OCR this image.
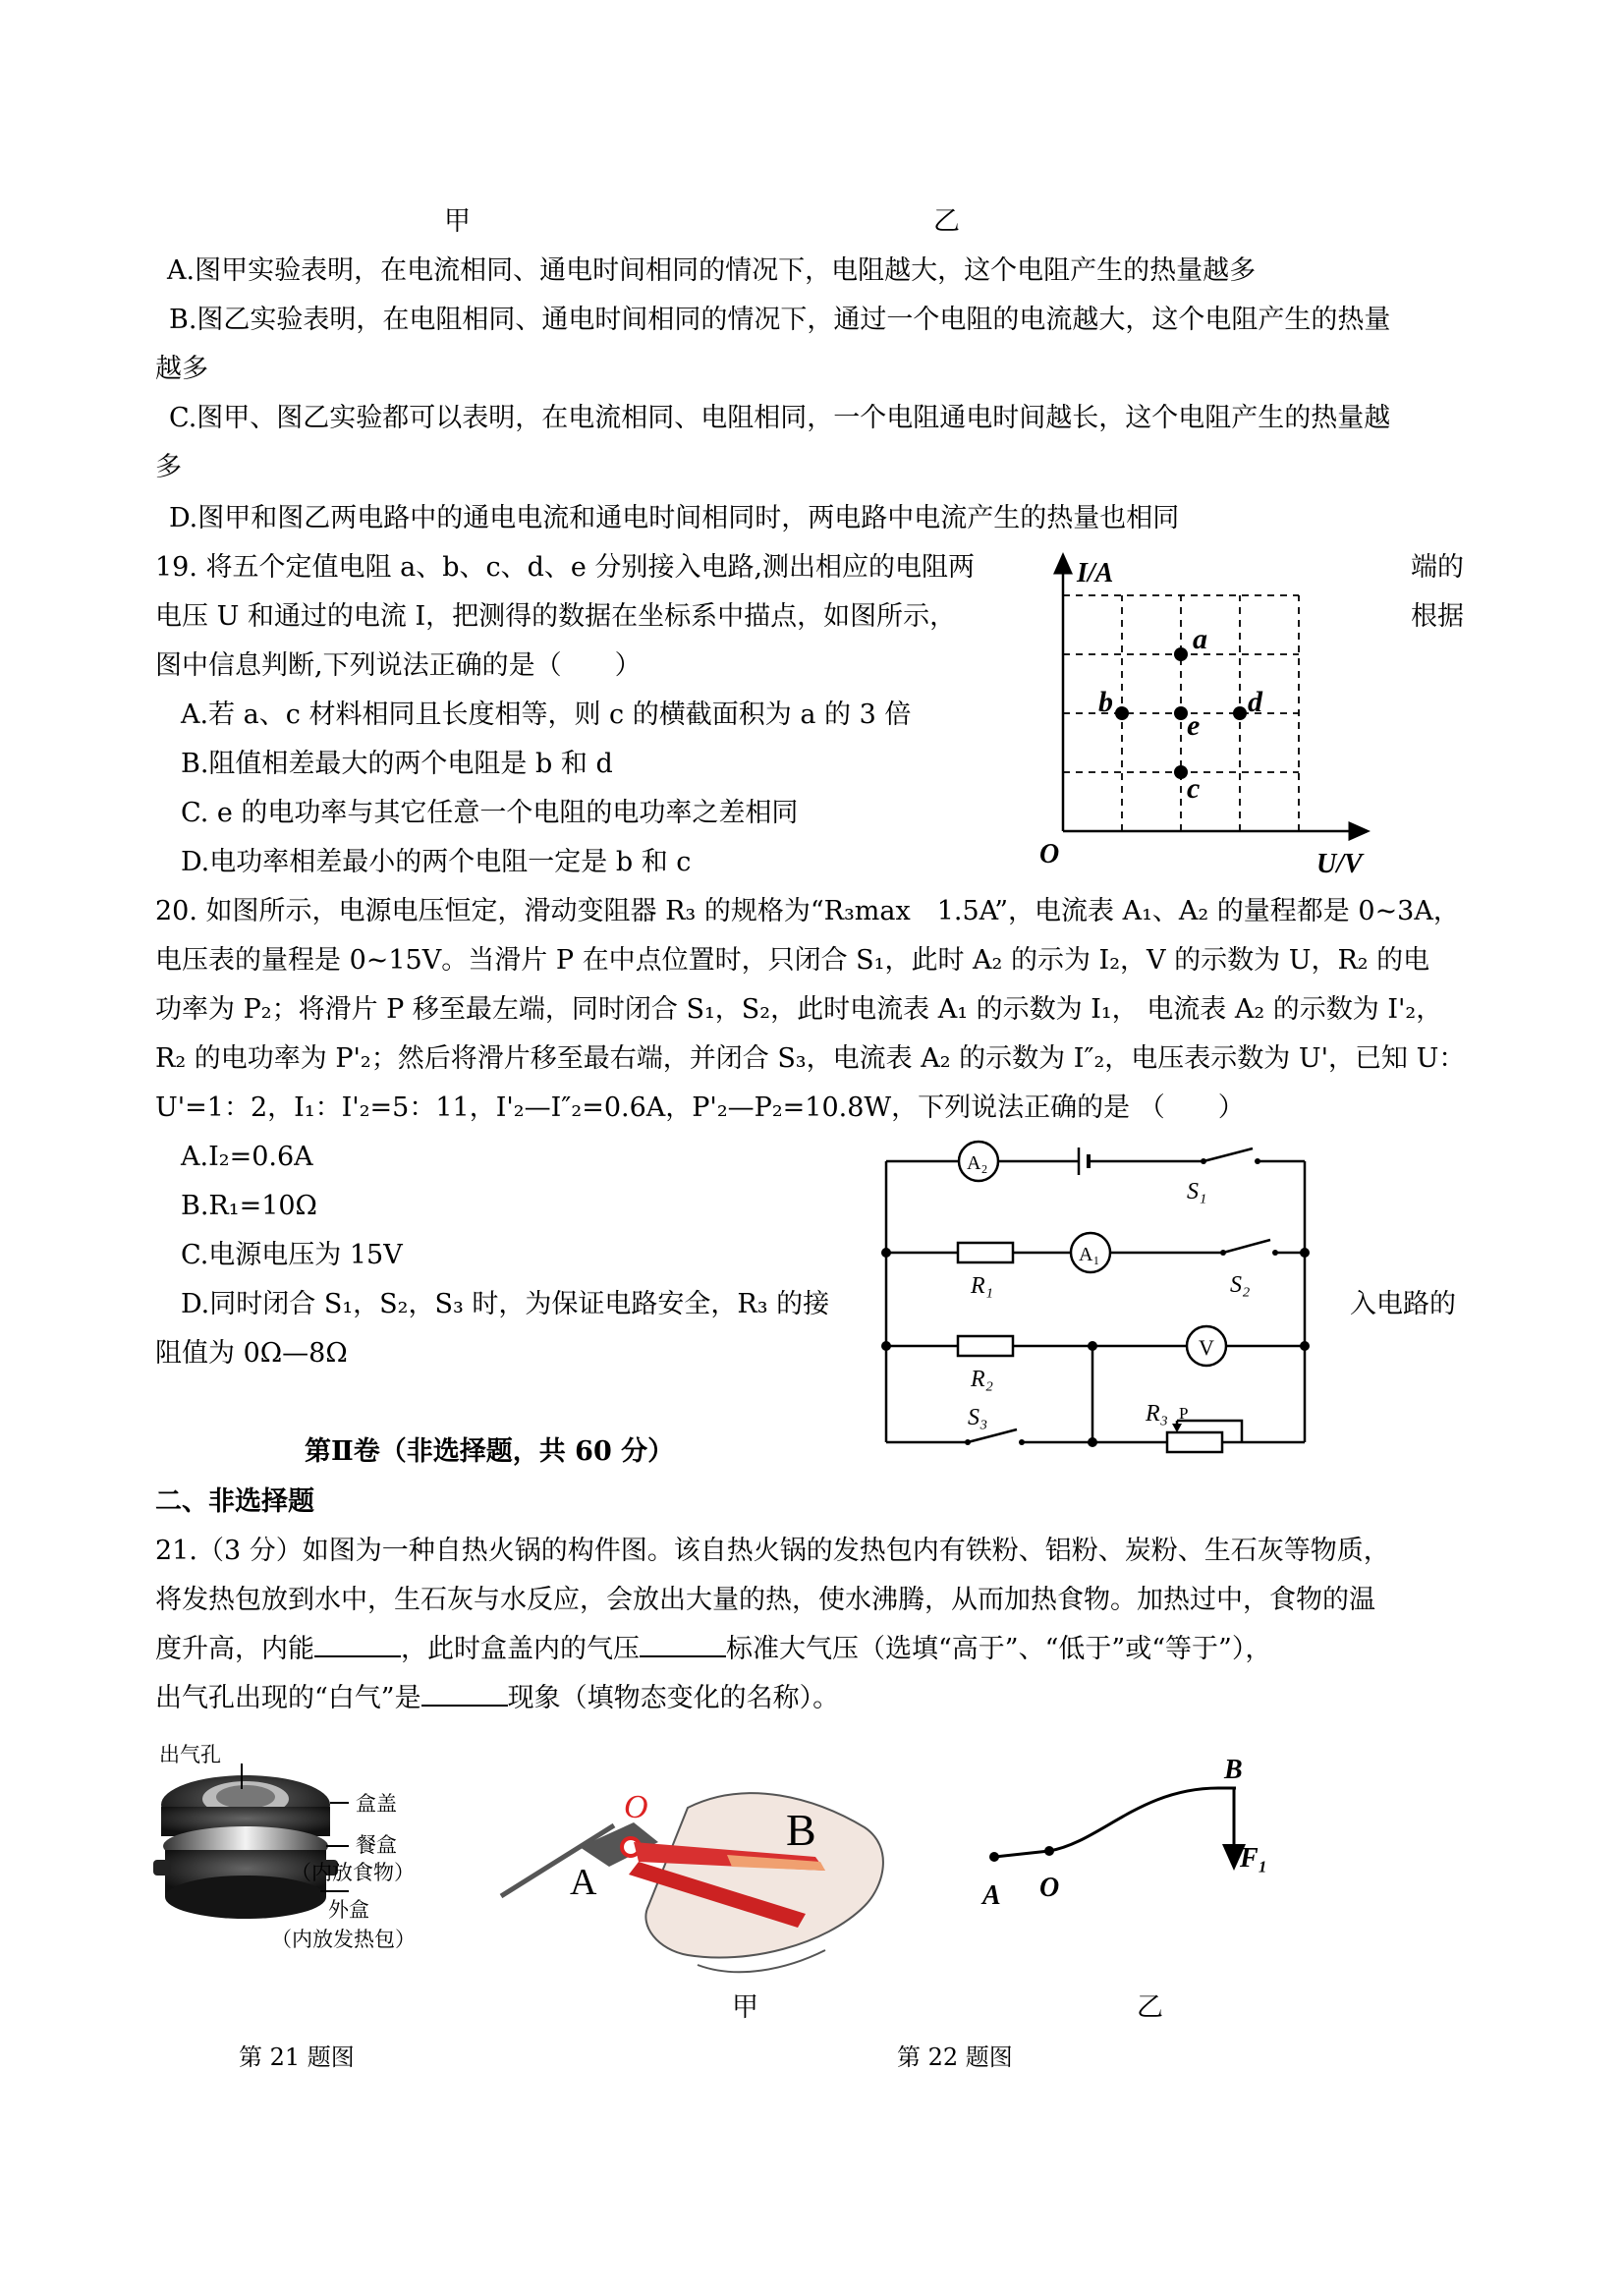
甲	乙
A.图甲实验表明，在电流相同、通电时间相同的情况下，电阻越大，这个电阻产生的热量越多
B.图乙实验表明，在电阻相同、通电时间相同的情况下，通过一个电阻的电流越大，这个电阻产生的热量
越多
C.图甲、图乙实验都可以表明，在电流相同、电阻相同，一个电阻通电时间越长，这个电阻产生的热量越
多
D.图甲和图乙两电路中的通电电流和通电时间相同时，两电路中电流产生的热量也相同
19. 将五个定值电阻 a、b、c、d、e 分别接入电路,测出相应的电阻两	端的
电压 U 和通过的电流 I，把测得的数据在坐标系中描点，如图所示，	根据
图中信息判断,下列说法正确的是（　　）
A.若 a、c 材料相同且长度相等，则 c 的横截面积为 a 的 3 倍
B.阻值相差最大的两个电阻是 b 和 d
C. e 的电功率与其它任意一个电阻的电功率之差相同
D.电功率相差最小的两个电阻一定是 b 和 c
I/A
U/V
O
a
b
e
d
c
20. 如图所示，电源电压恒定，滑动变阻器 R₃ 的规格为“R₃max　1.5A”，电流表 A₁、A₂ 的量程都是 0~3A，
电压表的量程是 0~15V。当滑片 P 在中点位置时，只闭合 S₁，此时 A₂ 的示为 I₂，V 的示数为 U，R₂ 的电
功率为 P₂；将滑片 P 移至最左端，同时闭合 S₁，S₂，此时电流表 A₁ 的示数为 I₁， 电流表 A₂ 的示数为 I'₂，
R₂ 的电功率为 P'₂；然后将滑片移至最右端，并闭合 S₃，电流表 A₂ 的示数为 I″₂，电压表示数为 U'，已知 U：
U'=1：2，I₁：I'₂=5：11，I'₂—I″₂=0.6A，P'₂—P₂=10.8W，下列说法正确的是 （　　）
A.I₂=0.6A
B.R₁=10Ω
C.电源电压为 15V
D.同时闭合 S₁，S₂，S₃ 时，为保证电路安全，R₃ 的接	入电路的
阻值为 0Ω—8Ω
A₂
A₁
V
S₁
S₂
S₃
R₁
R₂
R₃ P
第Ⅱ卷（非选择题，共 60 分）
二、非选择题
21.（3 分）如图为一种自热火锅的构件图。该自热火锅的发热包内有铁粉、铝粉、炭粉、生石灰等物质，
将发热包放到水中，生石灰与水反应，会放出大量的热，使水沸腾，从而加热食物。加热过中，食物的温
度升高，内能	，此时盒盖内的气压	标准大气压（选填“高于”、“低于”或“等于”），
出气孔出现的“白气”是	现象（填物态变化的名称）。
出气孔
盒盖
餐盒
（内放食物）
外盒
（内放发热包）
O
A
B
A O
B
F₁
甲	乙
第 21 题图	第 22 题图
